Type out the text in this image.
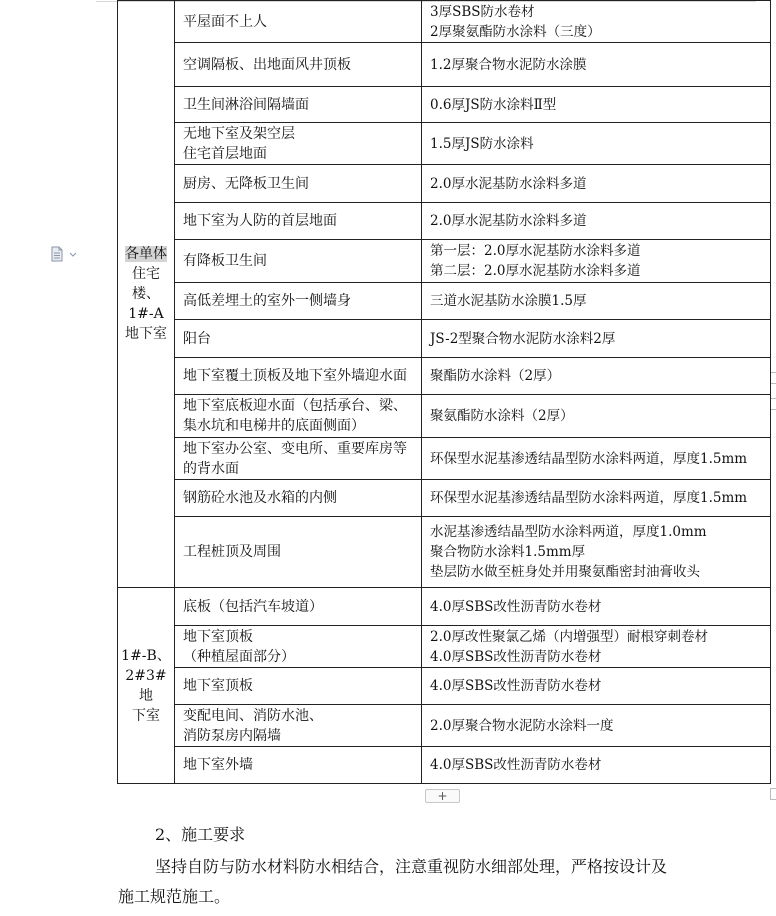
各单体
住宅
楼、
1#-A
地下室	平屋面不上人	3厚SBS防水卷材
2厚聚氨酯防水涂料（三度）
	空调隔板、出地面风井顶板	1.2厚聚合物水泥防水涂膜
	卫生间淋浴间隔墙面	0.6厚JS防水涂料Ⅱ型
	无地下室及架空层
住宅首层地面	1.5厚JS防水涂料
	厨房、无降板卫生间	2.0厚水泥基防水涂料多道
	地下室为人防的首层地面	2.0厚水泥基防水涂料多道
	有降板卫生间	第一层：2.0厚水泥基防水涂料多道
第二层：2.0厚水泥基防水涂料多道
	高低差埋土的室外一侧墙身	三道水泥基防水涂膜1.5厚
	阳台	JS-2型聚合物水泥防水涂料2厚
	地下室覆土顶板及地下室外墙迎水面	聚酯防水涂料（2厚）
	地下室底板迎水面（包括承台、梁、
集水坑和电梯井的底面侧面）	聚氨酯防水涂料（2厚）
	地下室办公室、变电所、重要库房等
的背水面	环保型水泥基渗透结晶型防水涂料两道，厚度1.5mm
	钢筋砼水池及水箱的内侧	环保型水泥基渗透结晶型防水涂料两道，厚度1.5mm
	工程桩顶及周围	水泥基渗透结晶型防水涂料两道，厚度1.0mm
聚合物防水涂料1.5mm厚
垫层防水做至桩身处并用聚氨酯密封油膏收头
1#-B、
2#3#地
下室	底板（包括汽车坡道）	4.0厚SBS改性沥青防水卷材
	地下室顶板
（种植屋面部分）	2.0厚改性聚氯乙烯（内增强型）耐根穿刺卷材
4.0厚SBS改性沥青防水卷材
	地下室顶板	4.0厚SBS改性沥青防水卷材
	变配电间、消防水池、
消防泵房内隔墙	2.0厚聚合物水泥防水涂料一度
	地下室外墙	4.0厚SBS改性沥青防水卷材
+
2、施工要求

坚持自防与防水材料防水相结合，注意重视防水细部处理，严格按设计及施工规范施工。
